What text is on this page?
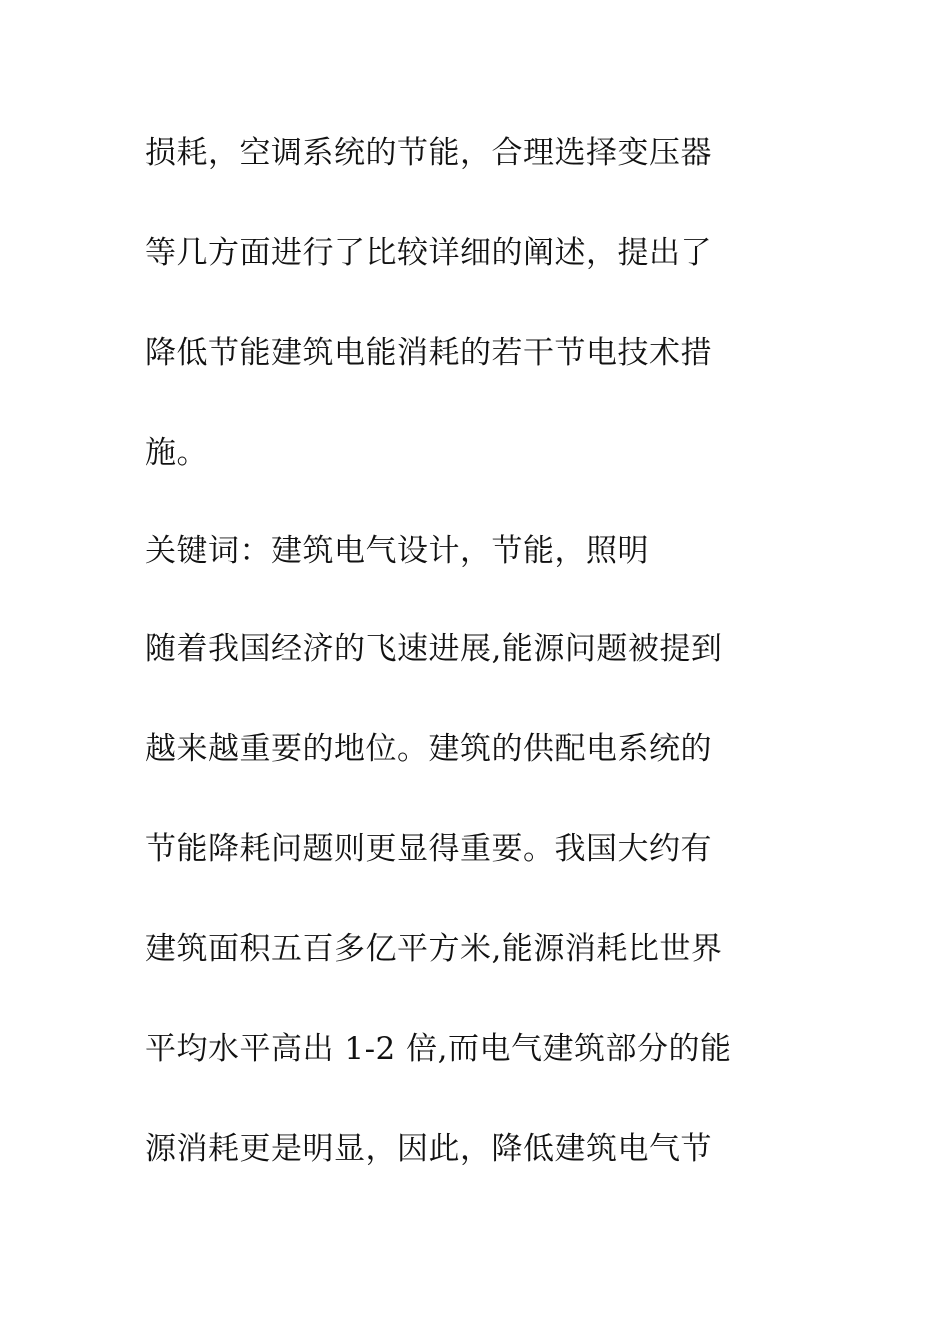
损耗，空调系统的节能，合理选择变压器
等几方面进行了比较详细的阐述，提出了
降低节能建筑电能消耗的若干节电技术措
施。
关键词：建筑电气设计，节能，照明
随着我国经济的飞速进展,能源问题被提到
越来越重要的地位。建筑的供配电系统的
节能降耗问题则更显得重要。我国大约有
建筑面积五百多亿平方米,能源消耗比世界
平均水平高出 1-2 倍,而电气建筑部分的能
源消耗更是明显，因此，降低建筑电气节
